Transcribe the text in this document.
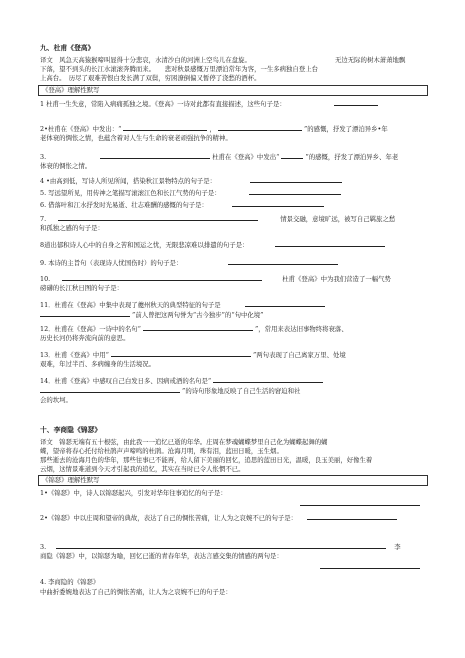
九、杜甫《登高》
译文　风急天高猿猴啼叫显得十分悲哀，水清沙白的河洲上空鸟儿在盘旋。	无边无际的树木萧萧地飘
下落，望不到头的长江水滚滚奔腾而来。　　悲对秋景感慨万里漂泊常年为客，一生多病独自登上台
上高台。　历尽了艰难苦恨白发长满了双鬓，穷困潦倒偏又暂停了浇愁的酒杯。
《登高》理解性默写
1 杜甫一生失意，常陷入病痛孤独之境。《登高》一诗对此都有直接描述，这些句子是：
2•杜甫在《登高》中发出：“	，	”的感慨，抒发了漂泊异乡•年
老体衰的惆怅之情，也蕴含着对人生与生命的衰老顽强抗争的精神。
3.	杜甫在《登高》中发出“	”的感慨，抒发了漂泊异乡、年老
体衰的惆怅之情。
4 •由高到低，写诗人所见所闻，搭染秋江景物特点的句子是：
5. 写远望所见，用传神之笔描写滚滚江色和长江气势的句子是：
6. 借落叶和江水抒发时光易逝、壮志难酬的感慨的句子是：
7.	情景交融，意境旷远，被写自己羁旅之愁
和孤独之感的句子是：
8道出郁积诗人心中的自身之苦和国运之忧，无限悲凉难以排遣的句子是：
9. 本诗的主旨句（表现诗人忧国伤时）的句子是：
10.	杜甫《登高》中为我们营造了一幅气势
磅礴的长江秋日图的句子是：
11．杜甫在《登高》中集中表现了夔州秋天的典型特征的句子是
”前人曾把这两句誉为“古今独步”的“句中化境”
12．杜甫在《登高》一诗中的名句“	”，常用来表达旧事物终将衰落、
历史长河仍将奔流向前的意思。
13．杜甫《登高》中用“	”两句表现了自己离家万里、处境
艰难，年过半百、多病缠身的生活境况。
14．杜甫《登高》中感叹自己白发日多、因病戒酒的名句是“
”的诗句形象地反映了自己生活的窘迫和社
会的坎坷。
十、李商隐《锦瑟》
译文　锦瑟无端有五十根弦，由此我一一追忆已逝的年华。庄周在梦魂蝴蝶梦里自己化为蝴蝶起舞的蝴
蝶，望帝将春心托付给杜鹃声声啼鸣的杜鹃。沧海月明，珠有泪，蓝田日暖，玉生烟。
那些逝去的沧海月色的华年，那些往事已不能再，给人留下美丽的回忆，追思的蓝田日光，温暖，良玉美丽，好像生着
云烟，这情景难道到今天才引起我的追忆，其实在当时已令人怅惘不已。
《锦瑟》理解性默写
1•《锦瑟》中，诗人以锦瑟起兴，引发对华年往事追忆的句子是：
2•《锦瑟》中以庄周和望帝的典故，表达了自己的惆怅苦痛，让人为之哀婉不已的句子是：
3.	李
商隐《锦瑟》中，以锦瑟为喻，回忆已逝的青春年华，表达言感交集的情感的两句是：
4. 李商隐的《锦瑟》
中曲折委婉地表达了自己的惆怅苦痛，让人为之哀婉不已的句子是：
